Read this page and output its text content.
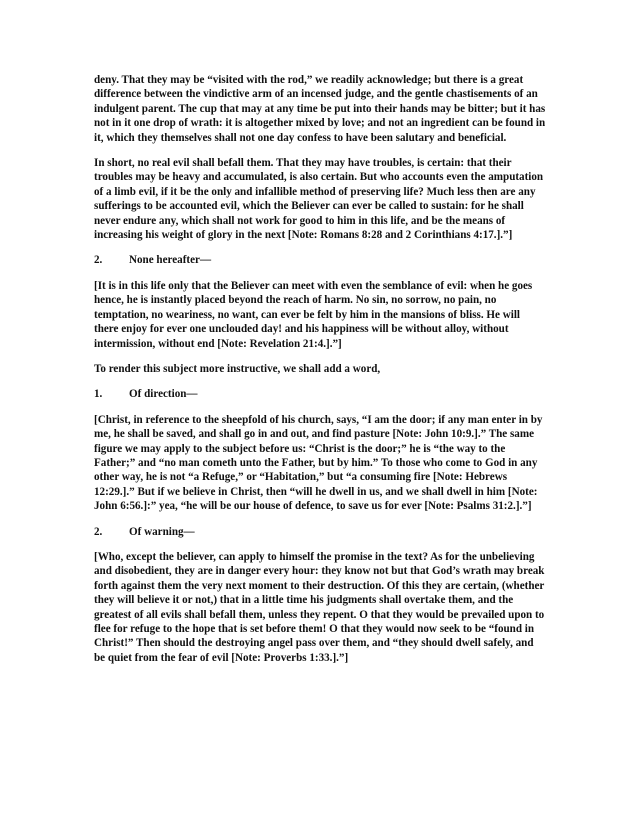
deny. That they may be “visited with the rod,” we readily acknowledge; but there is a great difference between the vindictive arm of an incensed judge, and the gentle chastisements of an indulgent parent. The cup that may at any time be put into their hands may be bitter; but it has not in it one drop of wrath: it is altogether mixed by love; and not an ingredient can be found in it, which they themselves shall not one day confess to have been salutary and beneficial.

In short, no real evil shall befall them. That they may have troubles, is certain: that their troubles may be heavy and accumulated, is also certain. But who accounts even the amputation of a limb evil, if it be the only and infallible method of preserving life? Much less then are any sufferings to be accounted evil, which the Believer can ever be called to sustain: for he shall never endure any, which shall not work for good to him in this life, and be the means of increasing his weight of glory in the next [Note: Romans 8:28 and 2 Corinthians 4:17.].”]

2.	None hereafter—

[It is in this life only that the Believer can meet with even the semblance of evil: when he goes hence, he is instantly placed beyond the reach of harm. No sin, no sorrow, no pain, no temptation, no weariness, no want, can ever be felt by him in the mansions of bliss. He will there enjoy for ever one unclouded day! and his happiness will be without alloy, without intermission, without end [Note: Revelation 21:4.].”]

To render this subject more instructive, we shall add a word,

1.	Of direction—

[Christ, in reference to the sheepfold of his church, says, “I am the door; if any man enter in by me, he shall be saved, and shall go in and out, and find pasture [Note: John 10:9.].” The same figure we may apply to the subject before us: “Christ is the door;” he is “the way to the Father;” and “no man cometh unto the Father, but by him.” To those who come to God in any other way, he is not “a Refuge,” or “Habitation,” but “a consuming fire [Note: Hebrews 12:29.].” But if we believe in Christ, then “will he dwell in us, and we shall dwell in him [Note: John 6:56.]:” yea, “he will be our house of defence, to save us for ever [Note: Psalms 31:2.].”]

2.	Of warning—

[Who, except the believer, can apply to himself the promise in the text? As for the unbelieving and disobedient, they are in danger every hour: they know not but that God’s wrath may break forth against them the very next moment to their destruction. Of this they are certain, (whether they will believe it or not,) that in a little time his judgments shall overtake them, and the greatest of all evils shall befall them, unless they repent. O that they would be prevailed upon to flee for refuge to the hope that is set before them! O that they would now seek to be “found in Christ!” Then should the destroying angel pass over them, and “they should dwell safely, and be quiet from the fear of evil [Note: Proverbs 1:33.].”]
